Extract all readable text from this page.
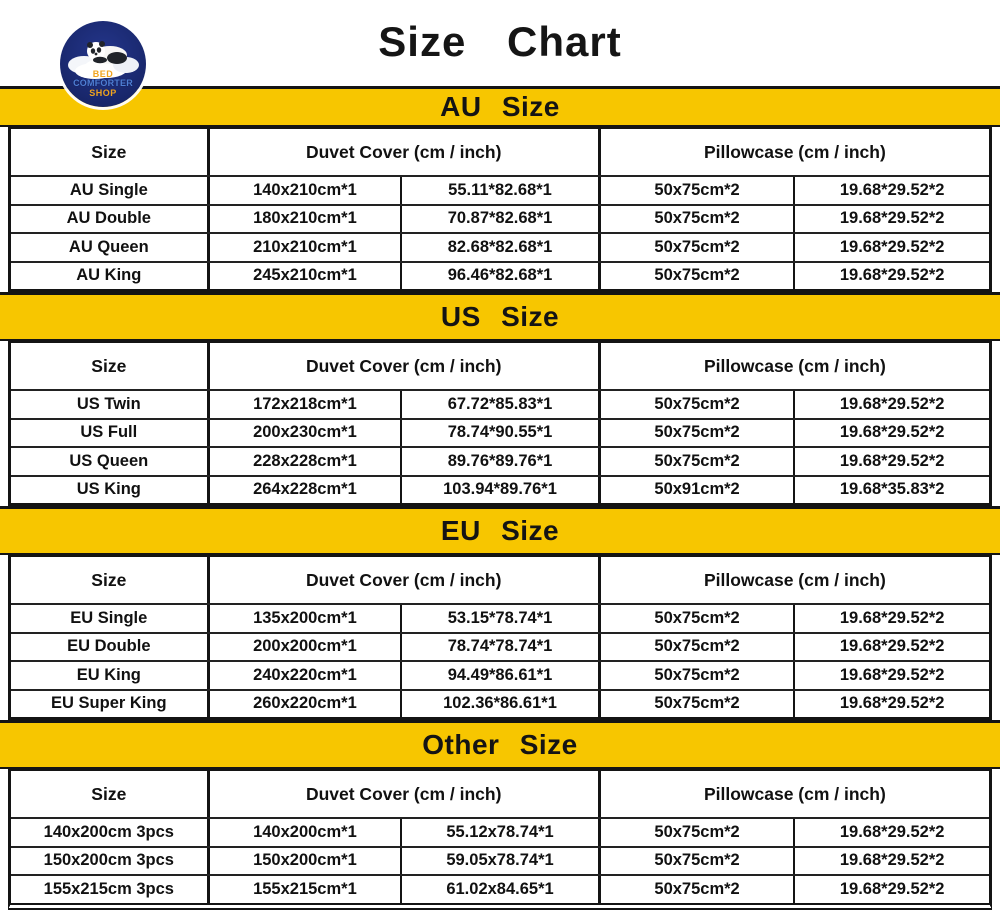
Size Chart
BED
COMFORTER
SHOP	AU Size
Size	Duvet Cover (cm / inch)	Pillowcase (cm / inch)
AU Single	140x210cm*1	55.11*82.68*1	50x75cm*2	19.68*29.52*2
AU Double	180x210cm*1	70.87*82.68*1	50x75cm*2	19.68*29.52*2
AU Queen	210x210cm*1	82.68*82.68*1	50x75cm*2	19.68*29.52*2
AU King	245x210cm*1	96.46*82.68*1	50x75cm*2	19.68*29.52*2
US Size
Size	Duvet Cover (cm / inch)	Pillowcase (cm / inch)
US Twin	172x218cm*1	67.72*85.83*1	50x75cm*2	19.68*29.52*2
US Full	200x230cm*1	78.74*90.55*1	50x75cm*2	19.68*29.52*2
US Queen	228x228cm*1	89.76*89.76*1	50x75cm*2	19.68*29.52*2
US King	264x228cm*1	103.94*89.76*1	50x91cm*2	19.68*35.83*2
EU Size
Size	Duvet Cover (cm / inch)	Pillowcase (cm / inch)
EU Single	135x200cm*1	53.15*78.74*1	50x75cm*2	19.68*29.52*2
EU Double	200x200cm*1	78.74*78.74*1	50x75cm*2	19.68*29.52*2
EU King	240x220cm*1	94.49*86.61*1	50x75cm*2	19.68*29.52*2
EU Super King	260x220cm*1	102.36*86.61*1	50x75cm*2	19.68*29.52*2
Other Size
Size	Duvet Cover (cm / inch)	Pillowcase (cm / inch)
140x200cm 3pcs	140x200cm*1	55.12x78.74*1	50x75cm*2	19.68*29.52*2
150x200cm 3pcs	150x200cm*1	59.05x78.74*1	50x75cm*2	19.68*29.52*2
155x215cm 3pcs	155x215cm*1	61.02x84.65*1	50x75cm*2	19.68*29.52*2
